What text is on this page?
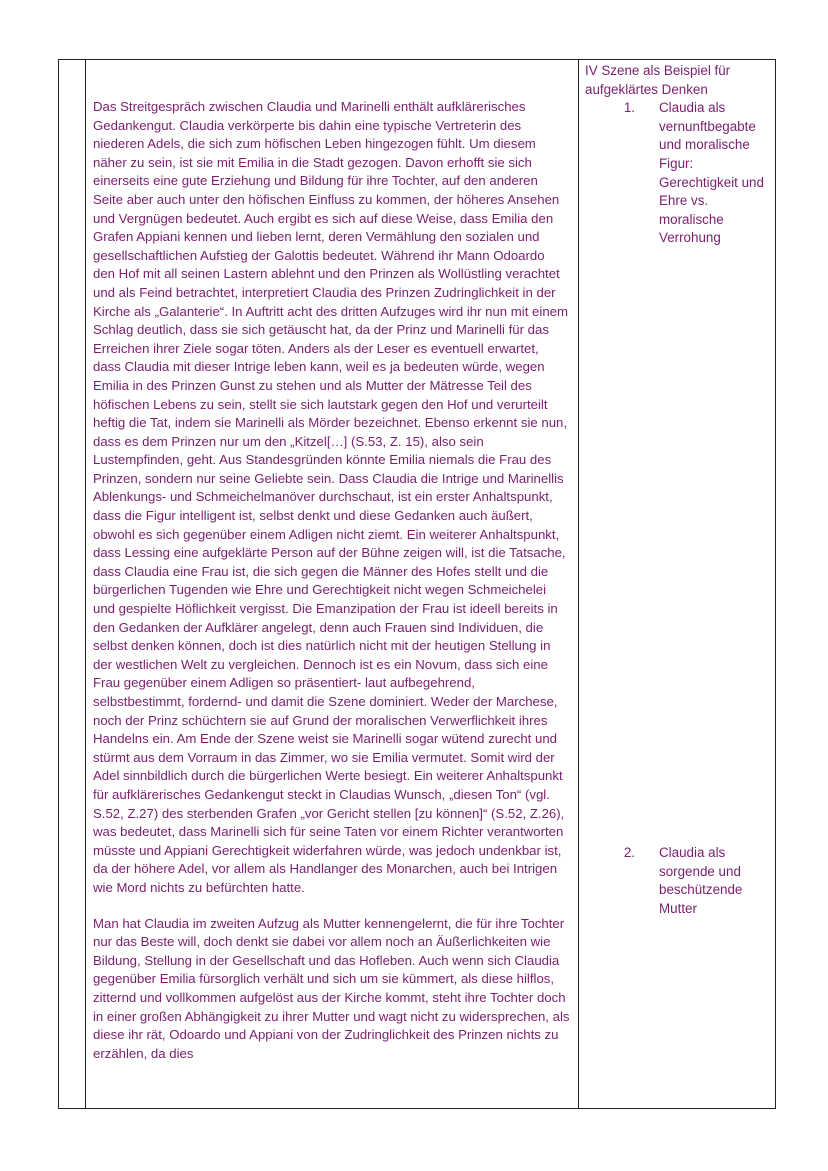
Das Streitgespräch zwischen Claudia und Marinelli enthält aufklärerisches Gedankengut. Claudia verkörperte bis dahin eine typische Vertreterin des niederen Adels, die sich zum höfischen Leben hingezogen fühlt. Um diesem näher zu sein, ist sie mit Emilia in die Stadt gezogen. Davon erhofft sie sich einerseits eine gute Erziehung und Bildung für ihre Tochter, auf den anderen Seite aber auch unter den höfischen Einfluss zu kommen, der höheres Ansehen und Vergnügen bedeutet. Auch ergibt es sich auf diese Weise, dass Emilia den Grafen Appiani kennen und lieben lernt, deren Vermählung den sozialen und gesellschaftlichen Aufstieg der Galottis bedeutet. Während ihr Mann Odoardo den Hof mit all seinen Lastern ablehnt und den Prinzen als Wollüstling verachtet und als Feind betrachtet, interpretiert Claudia des Prinzen Zudringlichkeit in der Kirche als „Galanterie“. In Auftritt acht des dritten Aufzuges wird ihr nun mit einem Schlag deutlich, dass sie sich getäuscht hat, da der Prinz und Marinelli für das Erreichen ihrer Ziele sogar töten. Anders als der Leser es eventuell erwartet, dass Claudia mit dieser Intrige leben kann, weil es ja bedeuten würde, wegen Emilia in des Prinzen Gunst zu stehen und als Mutter der Mätresse Teil des höfischen Lebens zu sein, stellt sie sich lautstark gegen den Hof und verurteilt heftig die Tat, indem sie Marinelli als Mörder bezeichnet. Ebenso erkennt sie nun, dass es dem Prinzen nur um den „Kitzel[…] (S.53, Z. 15), also sein Lustempfinden, geht. Aus Standesgründen könnte Emilia niemals die Frau des Prinzen, sondern nur seine Geliebte sein. Dass Claudia die Intrige und Marinellis Ablenkungs- und Schmeichelmanöver durchschaut, ist ein erster Anhaltspunkt, dass die Figur intelligent ist, selbst denkt und diese Gedanken auch äußert, obwohl es sich gegenüber einem Adligen nicht ziemt. Ein weiterer Anhaltspunkt, dass Lessing eine aufgeklärte Person auf der Bühne zeigen will, ist die Tatsache, dass Claudia eine Frau ist, die sich gegen die Männer des Hofes stellt und die bürgerlichen Tugenden wie Ehre und Gerechtigkeit nicht wegen Schmeichelei und gespielte Höflichkeit vergisst. Die Emanzipation der Frau ist ideell bereits in den Gedanken der Aufklärer angelegt, denn auch Frauen sind Individuen, die selbst denken können, doch ist dies natürlich nicht mit der heutigen Stellung in der westlichen Welt zu vergleichen. Dennoch ist es ein Novum, dass sich eine Frau gegenüber einem Adligen so präsentiert- laut aufbegehrend, selbstbestimmt, fordernd- und damit die Szene dominiert. Weder der Marchese, noch der Prinz schüchtern sie auf Grund der moralischen Verwerflichkeit ihres Handelns ein. Am Ende der Szene weist sie Marinelli sogar wütend zurecht und stürmt aus dem Vorraum in das Zimmer, wo sie Emilia vermutet. Somit wird der Adel sinnbildlich durch die bürgerlichen Werte besiegt. Ein weiterer Anhaltspunkt für aufklärerisches Gedankengut steckt in Claudias Wunsch, „diesen Ton“ (vgl. S.52, Z.27) des sterbenden Grafen „vor Gericht stellen [zu können]“ (S.52, Z.26), was bedeutet, dass Marinelli sich für seine Taten vor einem Richter verantworten müsste und Appiani Gerechtigkeit widerfahren würde, was jedoch undenkbar ist, da der höhere Adel, vor allem als Handlanger des Monarchen, auch bei Intrigen wie Mord nichts zu befürchten hatte.

Man hat Claudia im zweiten Aufzug als Mutter kennengelernt, die für ihre Tochter nur das Beste will, doch denkt sie dabei vor allem noch an Äußerlichkeiten wie Bildung, Stellung in der Gesellschaft und das Hofleben. Auch wenn sich Claudia gegenüber Emilia fürsorglich verhält und sich um sie kümmert, als diese hilflos, zitternd und vollkommen aufgelöst aus der Kirche kommt, steht ihre Tochter doch in einer großen Abhängigkeit zu ihrer Mutter und wagt nicht zu widersprechen, als diese ihr rät, Odoardo und Appiani von der Zudringlichkeit des Prinzen nichts zu erzählen, da dies

IV Szene als Beispiel für aufgeklärtes Denken
1.	Claudia als vernunftbegabte und moralische Figur: Gerechtigkeit und Ehre vs. moralische Verrohung
2.	Claudia als sorgende und beschützende Mutter
